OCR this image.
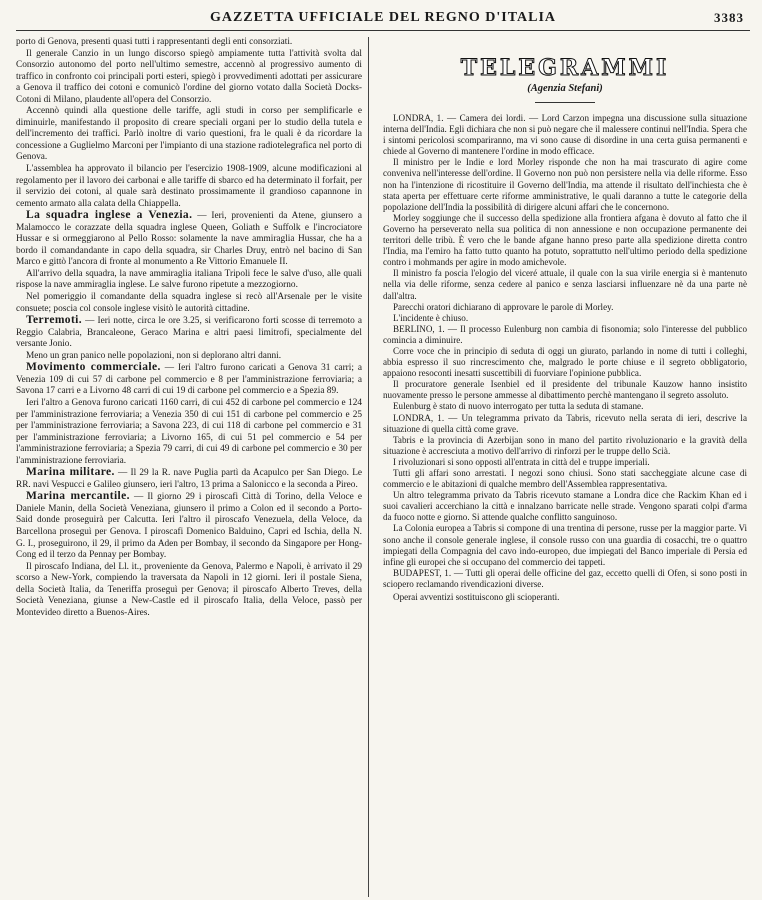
GAZZETTA UFFICIALE DEL REGNO D'ITALIA	3383

porto di Genova, presenti quasi tutti i rappresentanti degli enti consorziati.

Il generale Canzio in un lungo discorso spiegò ampiamente tutta l'attività svolta dal Consorzio autonomo del porto nell'ultimo semestre, accennò al progressivo aumento di traffico in confronto coi principali porti esteri, spiegò i provvedimenti adottati per assicurare a Genova il traffico dei cotoni e comunicò l'ordine del giorno votato dalla Società Docks-Cotoni di Milano, plaudente all'opera del Consorzio.

Accennò quindi alla questione delle tariffe, agli studi in corso per semplificarle e diminuirle, manifestando il proposito di creare speciali organi per lo studio della tutela e dell'incremento dei traffici. Parlò inoltre di vario questioni, fra le quali è da ricordare la concessione a Guglielmo Marconi per l'impianto di una stazione radiotelegrafica nel porto di Genova.

L'assemblea ha approvato il bilancio per l'esercizio 1908-1909, alcune modificazioni al regolamento per il lavoro dei carbonai e alle tariffe di sbarco ed ha determinato il forfait, per il servizio dei cotoni, al quale sarà destinato prossimamente il grandioso capannone in cemento armato alla calata della Chiappella.

La squadra inglese a Venezia. — Ieri, provenienti da Atene, giunsero a Malamocco le corazzate della squadra inglese Queen, Goliath e Suffolk e l'incrociatore Hussar e si ormeggiarono al Pello Rosso: solamente la nave ammiraglia Hussar, che ha a bordo il comandandante in capo della squadra, sir Charles Druy, entrò nel bacino di San Marco e gittò l'ancora di fronte al monumento a Re Vittorio Emanuele II.

All'arrivo della squadra, la nave ammiraglia italiana Tripoli fece le salve d'uso, alle quali rispose la nave ammiraglia inglese. Le salve furono ripetute a mezzogiorno.

Nel pomeriggio il comandante della squadra inglese si recò all'Arsenale per le visite consuete; poscia col console inglese visitò le autorità cittadine.

Terremoti. — Ieri notte, circa le ore 3.25, si verificarono forti scosse di terremoto a Reggio Calabria, Brancaleone, Geraco Marina e altri paesi limitrofi, specialmente del versante Jonio.

Meno un gran panico nelle popolazioni, non si deplorano altri danni.

Movimento commerciale. — Ieri l'altro furono caricati a Genova 31 carri; a Venezia 109 di cui 57 di carbone pel commercio e 8 per l'amministrazione ferroviaria; a Savona 17 carri e a Livorno 48 carri di cui 19 di carbone pel commercio e a Spezia 89.

Ieri l'altro a Genova furono caricati 1160 carri, di cui 452 di carbone pel commercio e 124 per l'amministrazione ferroviaria; a Venezia 350 di cui 151 di carbone pel commercio e 25 per l'amministrazione ferroviaria; a Savona 223, di cui 118 di carbone pel commercio e 31 per l'amministrazione ferroviaria; a Livorno 165, di cui 51 pel commercio e 54 per l'amministrazione ferroviaria; a Spezia 79 carri, di cui 49 di carbone pel commercio e 30 per l'amministrazione ferroviaria.

Marina militare. — Il 29 la R. nave Puglia partì da Acapulco per San Diego. Le RR. navi Vespucci e Galileo giunsero, ieri l'altro, 13 prima a Salonicco e la seconda a Pireo.

Marina mercantile. — Il giorno 29 i piroscafi Città di Torino, della Veloce e Daniele Manin, della Società Veneziana, giunsero il primo a Colon ed il secondo a Porto-Said donde proseguirà per Calcutta. Ieri l'altro il piroscafo Venezuela, della Veloce, da Barcellona proseguì per Genova. I piroscafi Domenico Balduino, Capri ed Ischia, della N. G. I., proseguirono, il 29, il primo da Aden per Bombay, il secondo da Singapore per Hong-Cong ed il terzo da Pennay per Bombay.

Il piroscafo Indiana, del Ll. it., proveniente da Genova, Palermo e Napoli, è arrivato il 29 scorso a New-York, compiendo la traversata da Napoli in 12 giorni. Ieri il postale Siena, della Società Italia, da Teneriffa proseguì per Genova; il piroscafo Alberto Treves, della Società Veneziana, giunse a New-Castle ed il piroscafo Italia, della Veloce, passò per Montevideo diretto a Buenos-Aires.

TELEGRAMMI
(Agenzia Stefani)

LONDRA, 1. — Camera dei lordi. — Lord Carzon impegna una discussione sulla situazione interna dell'India. Egli dichiara che non si può negare che il malessere continui nell'India. Spera che i sintomi pericolosi scompariranno, ma vi sono cause di disordine in una certa guisa permanenti e chiede al Governo di mantenere l'ordine in modo efficace.

Il ministro per le Indie e lord Morley risponde che non ha mai trascurato di agire come conveniva nell'interesse dell'ordine. Il Governo non può non persistere nella via delle riforme. Esso non ha l'intenzione di ricostituire il Governo dell'India, ma attende il risultato dell'inchiesta che è stata aperta per effettuare certe riforme amministrative, le quali daranno a tutte le categorie della popolazione dell'India la possibilità di dirigere alcuni affari che le concernono.

Morley soggiunge che il successo della spedizione alla frontiera afgana è dovuto al fatto che il Governo ha perseverato nella sua politica di non annessione e non occupazione permanente dei territori delle tribù. È vero che le bande afgane hanno preso parte alla spedizione diretta contro l'India, ma l'emiro ha fatto tutto quanto ha potuto, soprattutto nell'ultimo periodo della spedizione contro i mohmands per agire in modo amichevole.

Il ministro fa poscia l'elogio del viceré attuale, il quale con la sua virile energia si è mantenuto nella via delle riforme, senza cedere al panico e senza lasciarsi influenzare nè da una parte nè dall'altra.

Parecchi oratori dichiarano di approvare le parole di Morley.

L'incidente è chiuso.

BERLINO, 1. — Il processo Eulenburg non cambia di fisonomia; solo l'interesse del pubblico comincia a diminuire.

Corre voce che in principio di seduta di oggi un giurato, parlando in nome di tutti i colleghi, abbia espresso il suo rincrescimento che, malgrado le porte chiuse e il segreto obbligatorio, appaiono resoconti inesatti suscettibili di fuorviare l'opinione pubblica.

Il procuratore generale Isenbiel ed il presidente del tribunale Kauzow hanno insistito nuovamente presso le persone ammesse al dibattimento perchè mantengano il segreto assoluto.

Eulenburg è stato di nuovo interrogato per tutta la seduta di stamane.

LONDRA, 1. — Un telegramma privato da Tabris, ricevuto nella serata di ieri, descrive la situazione di quella città come grave.

Tabris e la provincia di Azerbijan sono in mano del partito rivoluzionario e la gravità della situazione è accresciuta a motivo dell'arrivo di rinforzi per le truppe dello Scià.

I rivoluzionari si sono opposti all'entrata in città del e truppe imperiali.

Tutti gli affari sono arrestati. I negozi sono chiusi. Sono stati saccheggiate alcune case di commercio e le abitazioni di qualche membro dell'Assemblea rappresentativa.

Un altro telegramma privato da Tabris ricevuto stamane a Londra dice che Rackim Khan ed i suoi cavalieri accerchiano la città e innalzano barricate nelle strade. Vengono sparati colpi d'arma da fuoco notte e giorno. Si attende qualche conflitto sanguinoso.

La Colonia europea a Tabris si compone di una trentina di persone, russe per la maggior parte. Vi sono anche il console generale inglese, il console russo con una guardia di cosacchi, tre o quattro impiegati della Compagnia del cavo indo-europeo, due impiegati del Banco imperiale di Persia ed infine gli europei che si occupano del commercio dei tappeti.

BUDAPEST, 1. — Tutti gli operai delle officine del gaz, eccetto quelli di Ofen, si sono posti in sciopero reclamando rivendicazioni diverse.

Operai avventizi sostituiscono gli scioperanti.
